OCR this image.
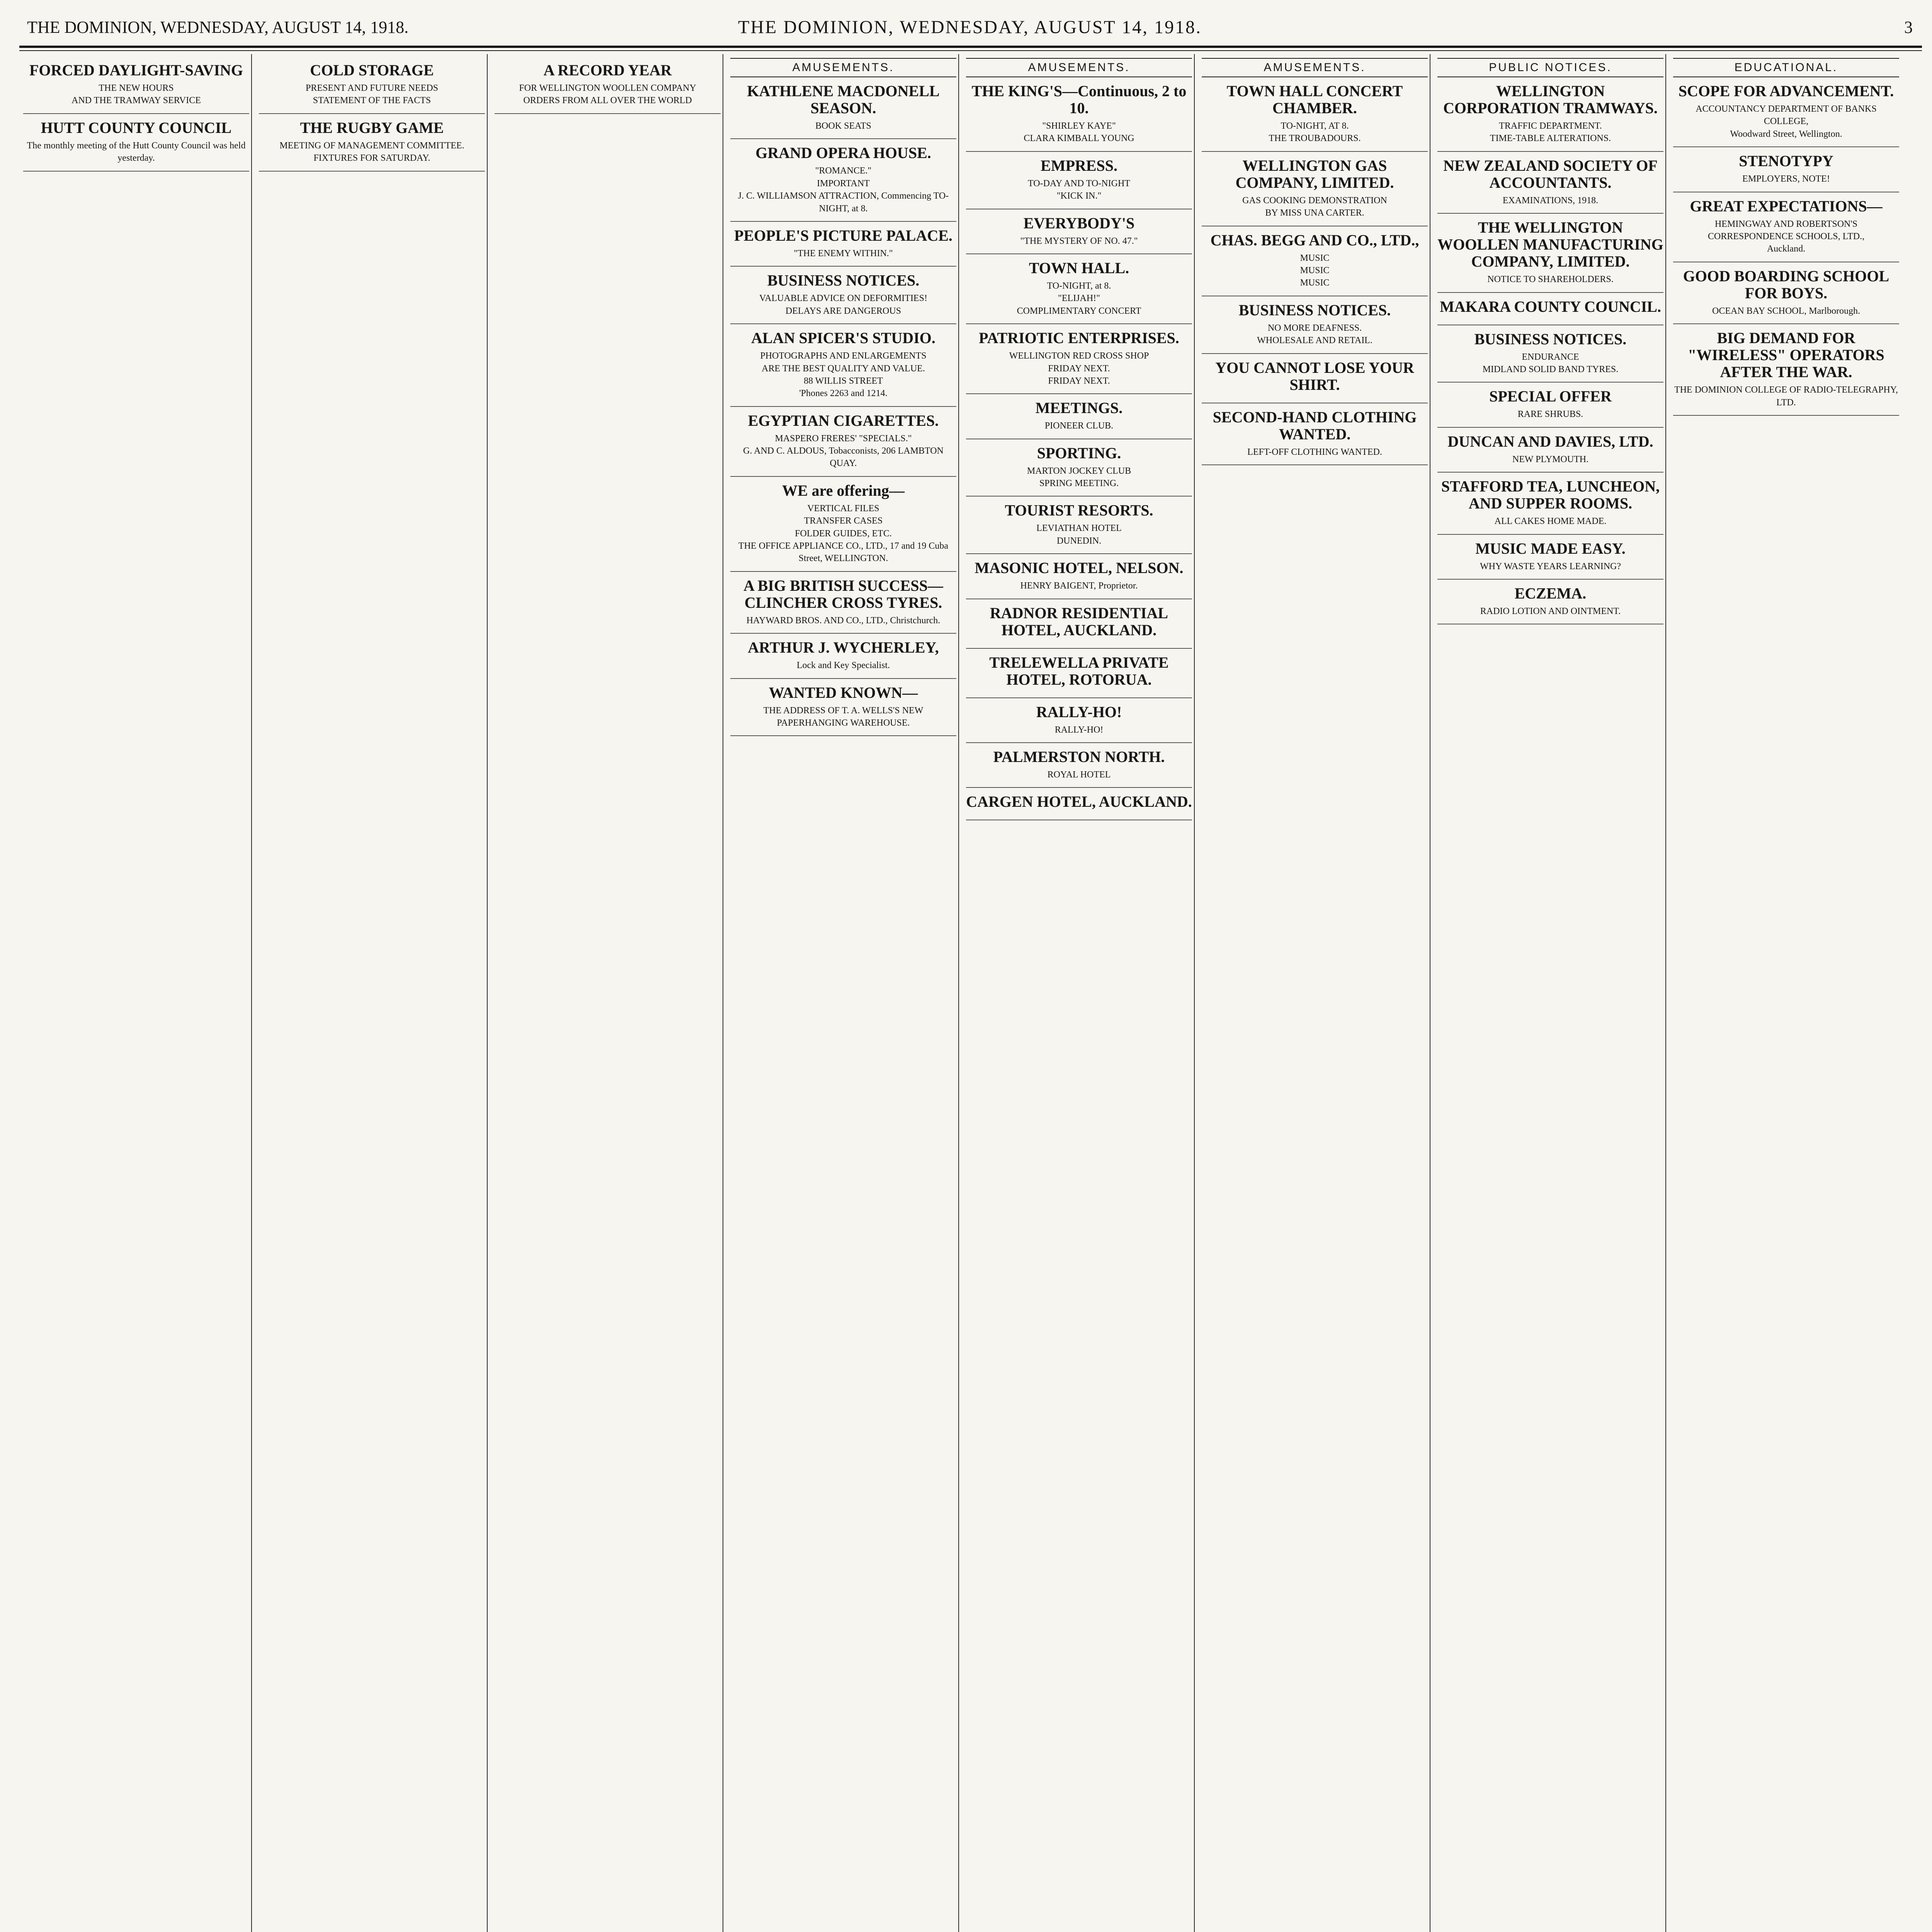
THE DOMINION, WEDNESDAY, AUGUST 14, 1918.	THE DOMINION, WEDNESDAY, AUGUST 14, 1918.	3
FORCED DAYLIGHT-SAVING

THE NEW HOURS

AND THE TRAMWAY SERVICE

HUTT COUNTY COUNCIL

The monthly meeting of the Hutt County Council was held yesterday.

COLD STORAGE

PRESENT AND FUTURE NEEDS

STATEMENT OF THE FACTS

THE RUGBY GAME

MEETING OF MANAGEMENT COMMITTEE.

FIXTURES FOR SATURDAY.

A RECORD YEAR

FOR WELLINGTON WOOLLEN COMPANY

ORDERS FROM ALL OVER THE WORLD

AMUSEMENTS.
KATHLENE MACDONELL SEASON.

BOOK SEATS

GRAND OPERA HOUSE.

"ROMANCE."

IMPORTANT

J. C. WILLIAMSON ATTRACTION, Commencing TO-NIGHT, at 8.

PEOPLE'S PICTURE PALACE.

"THE ENEMY WITHIN."

BUSINESS NOTICES.

VALUABLE ADVICE ON DEFORMITIES!

DELAYS ARE DANGEROUS

ALAN SPICER'S STUDIO.

PHOTOGRAPHS AND ENLARGEMENTS

ARE THE BEST QUALITY AND VALUE.

88 WILLIS STREET

'Phones 2263 and 1214.

EGYPTIAN CIGARETTES.

MASPERO FRERES' "SPECIALS."

G. AND C. ALDOUS, Tobacconists, 206 LAMBTON QUAY.

WE are offering—

VERTICAL FILES

TRANSFER CASES

FOLDER GUIDES, ETC.

THE OFFICE APPLIANCE CO., LTD., 17 and 19 Cuba Street, WELLINGTON.

A BIG BRITISH SUCCESS—CLINCHER CROSS TYRES.

HAYWARD BROS. AND CO., LTD., Christchurch.

ARTHUR J. WYCHERLEY,

Lock and Key Specialist.

WANTED KNOWN—

THE ADDRESS OF T. A. WELLS'S NEW PAPERHANGING WAREHOUSE.

AMUSEMENTS.
THE KING'S—Continuous, 2 to 10.

"SHIRLEY KAYE"

CLARA KIMBALL YOUNG

EMPRESS.

TO-DAY AND TO-NIGHT

"KICK IN."

EVERYBODY'S

"THE MYSTERY OF NO. 47."

TOWN HALL.

TO-NIGHT, at 8.

"ELIJAH!"

COMPLIMENTARY CONCERT

PATRIOTIC ENTERPRISES.

WELLINGTON RED CROSS SHOP

FRIDAY NEXT.

FRIDAY NEXT.

MEETINGS.

PIONEER CLUB.

SPORTING.

MARTON JOCKEY CLUB

SPRING MEETING.

TOURIST RESORTS.

LEVIATHAN HOTEL

DUNEDIN.

MASONIC HOTEL, NELSON.

HENRY BAIGENT, Proprietor.

RADNOR RESIDENTIAL HOTEL, AUCKLAND.
TRELEWELLA PRIVATE HOTEL, ROTORUA.
RALLY-HO!

RALLY-HO!

PALMERSTON NORTH.

ROYAL HOTEL

CARGEN HOTEL, AUCKLAND.
AMUSEMENTS.
TOWN HALL CONCERT CHAMBER.

TO-NIGHT, AT 8.

THE TROUBADOURS.

WELLINGTON GAS COMPANY, LIMITED.

GAS COOKING DEMONSTRATION

BY MISS UNA CARTER.

CHAS. BEGG AND CO., LTD.,

MUSIC

MUSIC

MUSIC

BUSINESS NOTICES.

NO MORE DEAFNESS.

WHOLESALE AND RETAIL.

YOU CANNOT LOSE YOUR SHIRT.
SECOND-HAND CLOTHING WANTED.

LEFT-OFF CLOTHING WANTED.

PUBLIC NOTICES.
WELLINGTON CORPORATION TRAMWAYS.

TRAFFIC DEPARTMENT.

TIME-TABLE ALTERATIONS.

NEW ZEALAND SOCIETY OF ACCOUNTANTS.

EXAMINATIONS, 1918.

THE WELLINGTON WOOLLEN MANUFACTURING COMPANY, LIMITED.

NOTICE TO SHAREHOLDERS.

MAKARA COUNTY COUNCIL.
BUSINESS NOTICES.

ENDURANCE

MIDLAND SOLID BAND TYRES.

SPECIAL OFFER

RARE SHRUBS.

DUNCAN AND DAVIES, LTD.

NEW PLYMOUTH.

STAFFORD TEA, LUNCHEON, AND SUPPER ROOMS.

ALL CAKES HOME MADE.

MUSIC MADE EASY.

WHY WASTE YEARS LEARNING?

ECZEMA.

RADIO LOTION AND OINTMENT.

EDUCATIONAL.
SCOPE FOR ADVANCEMENT.

ACCOUNTANCY DEPARTMENT OF BANKS COLLEGE,

Woodward Street, Wellington.

STENOTYPY

EMPLOYERS, NOTE!

GREAT EXPECTATIONS—

HEMINGWAY AND ROBERTSON'S CORRESPONDENCE SCHOOLS, LTD.,

Auckland.

GOOD BOARDING SCHOOL FOR BOYS.

OCEAN BAY SCHOOL, Marlborough.

BIG DEMAND FOR "WIRELESS" OPERATORS AFTER THE WAR.

THE DOMINION COLLEGE OF RADIO-TELEGRAPHY, LTD.
